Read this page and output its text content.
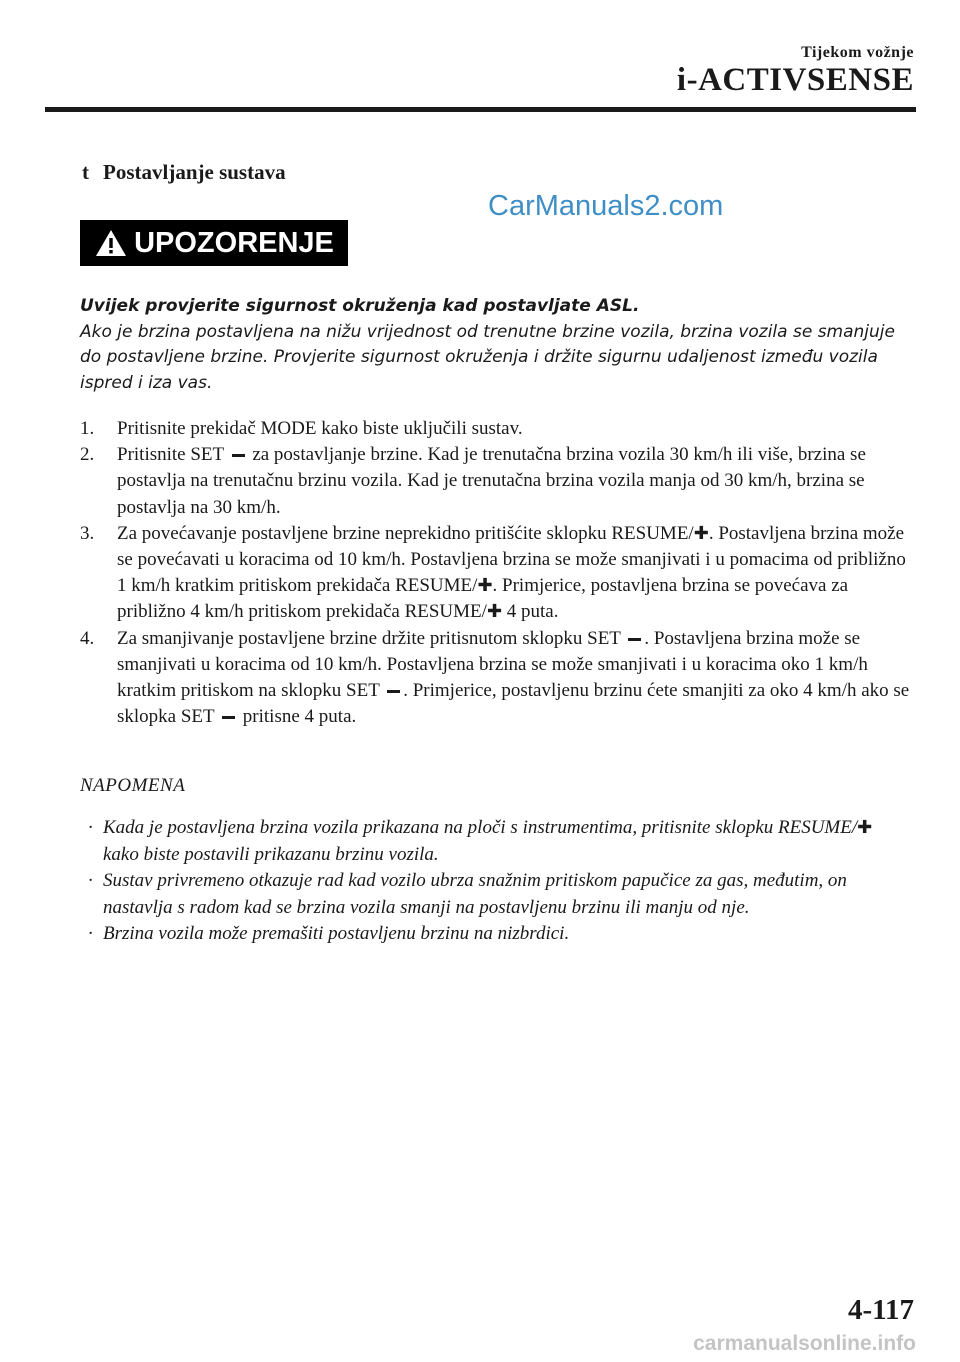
Tijekom vožnje
i-ACTIVSENSE
t Postavljanje sustava
CarManuals2.com
UPOZORENJE

Uvijek provjerite sigurnost okruženja kad postavljate ASL.

Ako je brzina postavljena na nižu vrijednost od trenutne brzine vozila, brzina vozila se smanjuje do postavljene brzine. Provjerite sigurnost okruženja i držite sigurnu udaljenost između vozila ispred i iza vas.

1.	Pritisnite prekidač MODE kako biste uključili sustav.
2.	Pritisnite SET za postavljanje brzine. Kad je trenutačna brzina vozila 30 km/h ili više, brzina se postavlja na trenutačnu brzinu vozila. Kad je trenutačna brzina vozila manja od 30 km/h, brzina se postavlja na 30 km/h.
3.	Za povećavanje postavljene brzine neprekidno pritišćite sklopku RESUME/✚. Postavljena brzina može se povećavati u koracima od 10 km/h. Postavljena brzina se može smanjivati i u pomacima od približno 1 km/h kratkim pritiskom prekidača RESUME/✚. Primjerice, postavljena brzina se povećava za približno 4 km/h pritiskom prekidača RESUME/✚ 4 puta.
4.	Za smanjivanje postavljene brzine držite pritisnutom sklopku SET . Postavljena brzina može se smanjivati u koracima od 10 km/h. Postavljena brzina se može smanjivati i u koracima oko 1 km/h kratkim pritiskom na sklopku SET . Primjerice, postavljenu brzinu ćete smanjiti za oko 4 km/h ako se sklopka SET pritisne 4 puta.
NAPOMENA
· Kada je postavljena brzina vozila prikazana na ploči s instrumentima, pritisnite sklopku RESUME/✚ kako biste postavili prikazanu brzinu vozila.
· Sustav privremeno otkazuje rad kad vozilo ubrza snažnim pritiskom papučice za gas, međutim, on nastavlja s radom kad se brzina vozila smanji na postavljenu brzinu ili manju od nje.
· Brzina vozila može premašiti postavljenu brzinu na nizbrdici.
4-117
carmanualsonline.info
